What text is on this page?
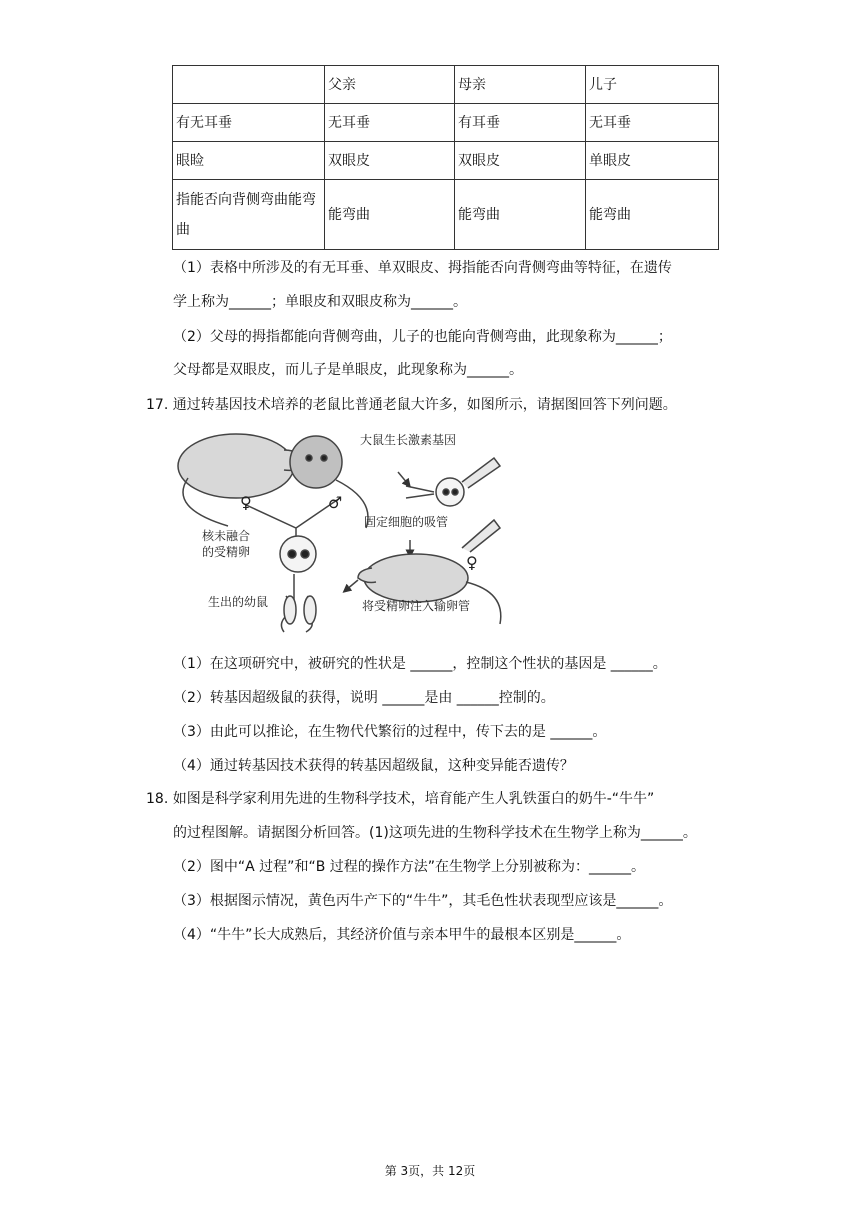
	父亲	母亲	儿子
有无耳垂	无耳垂	有耳垂	无耳垂
眼睑	双眼皮	双眼皮	单眼皮
指能否向背侧弯曲能弯曲	能弯曲	能弯曲	能弯曲
（1）表格中所涉及的有无耳垂、单双眼皮、拇指能否向背侧弯曲等特征，在遗传
学上称为______；单眼皮和双眼皮称为______。
（2）父母的拇指都能向背侧弯曲，儿子的也能向背侧弯曲，此现象称为______；
父母都是双眼皮，而儿子是单眼皮，此现象称为______。
17. 通过转基因技术培养的老鼠比普通老鼠大许多，如图所示，请据图回答下列问题。
大鼠生长激素基因
固定细胞的吸管
核未融合
的受精卵
将受精卵注入输卵管
生出的幼鼠
♀	♂
♀
（1）在这项研究中，被研究的性状是 ______，控制这个性状的基因是 ______。
（2）转基因超级鼠的获得，说明 ______是由 ______控制的。
（3）由此可以推论，在生物代代繁衍的过程中，传下去的是 ______。
（4）通过转基因技术获得的转基因超级鼠，这种变异能否遗传？
18. 如图是科学家利用先进的生物科学技术，培育能产生人乳铁蛋白的奶牛-“牛牛”
的过程图解。请据图分析回答。(1)这项先进的生物科学技术在生物学上称为______。
（2）图中“A 过程”和“B 过程的操作方法”在生物学上分别被称为：______。
（3）根据图示情况，黄色丙牛产下的“牛牛”，其毛色性状表现型应该是______。
（4）“牛牛”长大成熟后，其经济价值与亲本甲牛的最根本区别是______。
第 3页，共 12页
